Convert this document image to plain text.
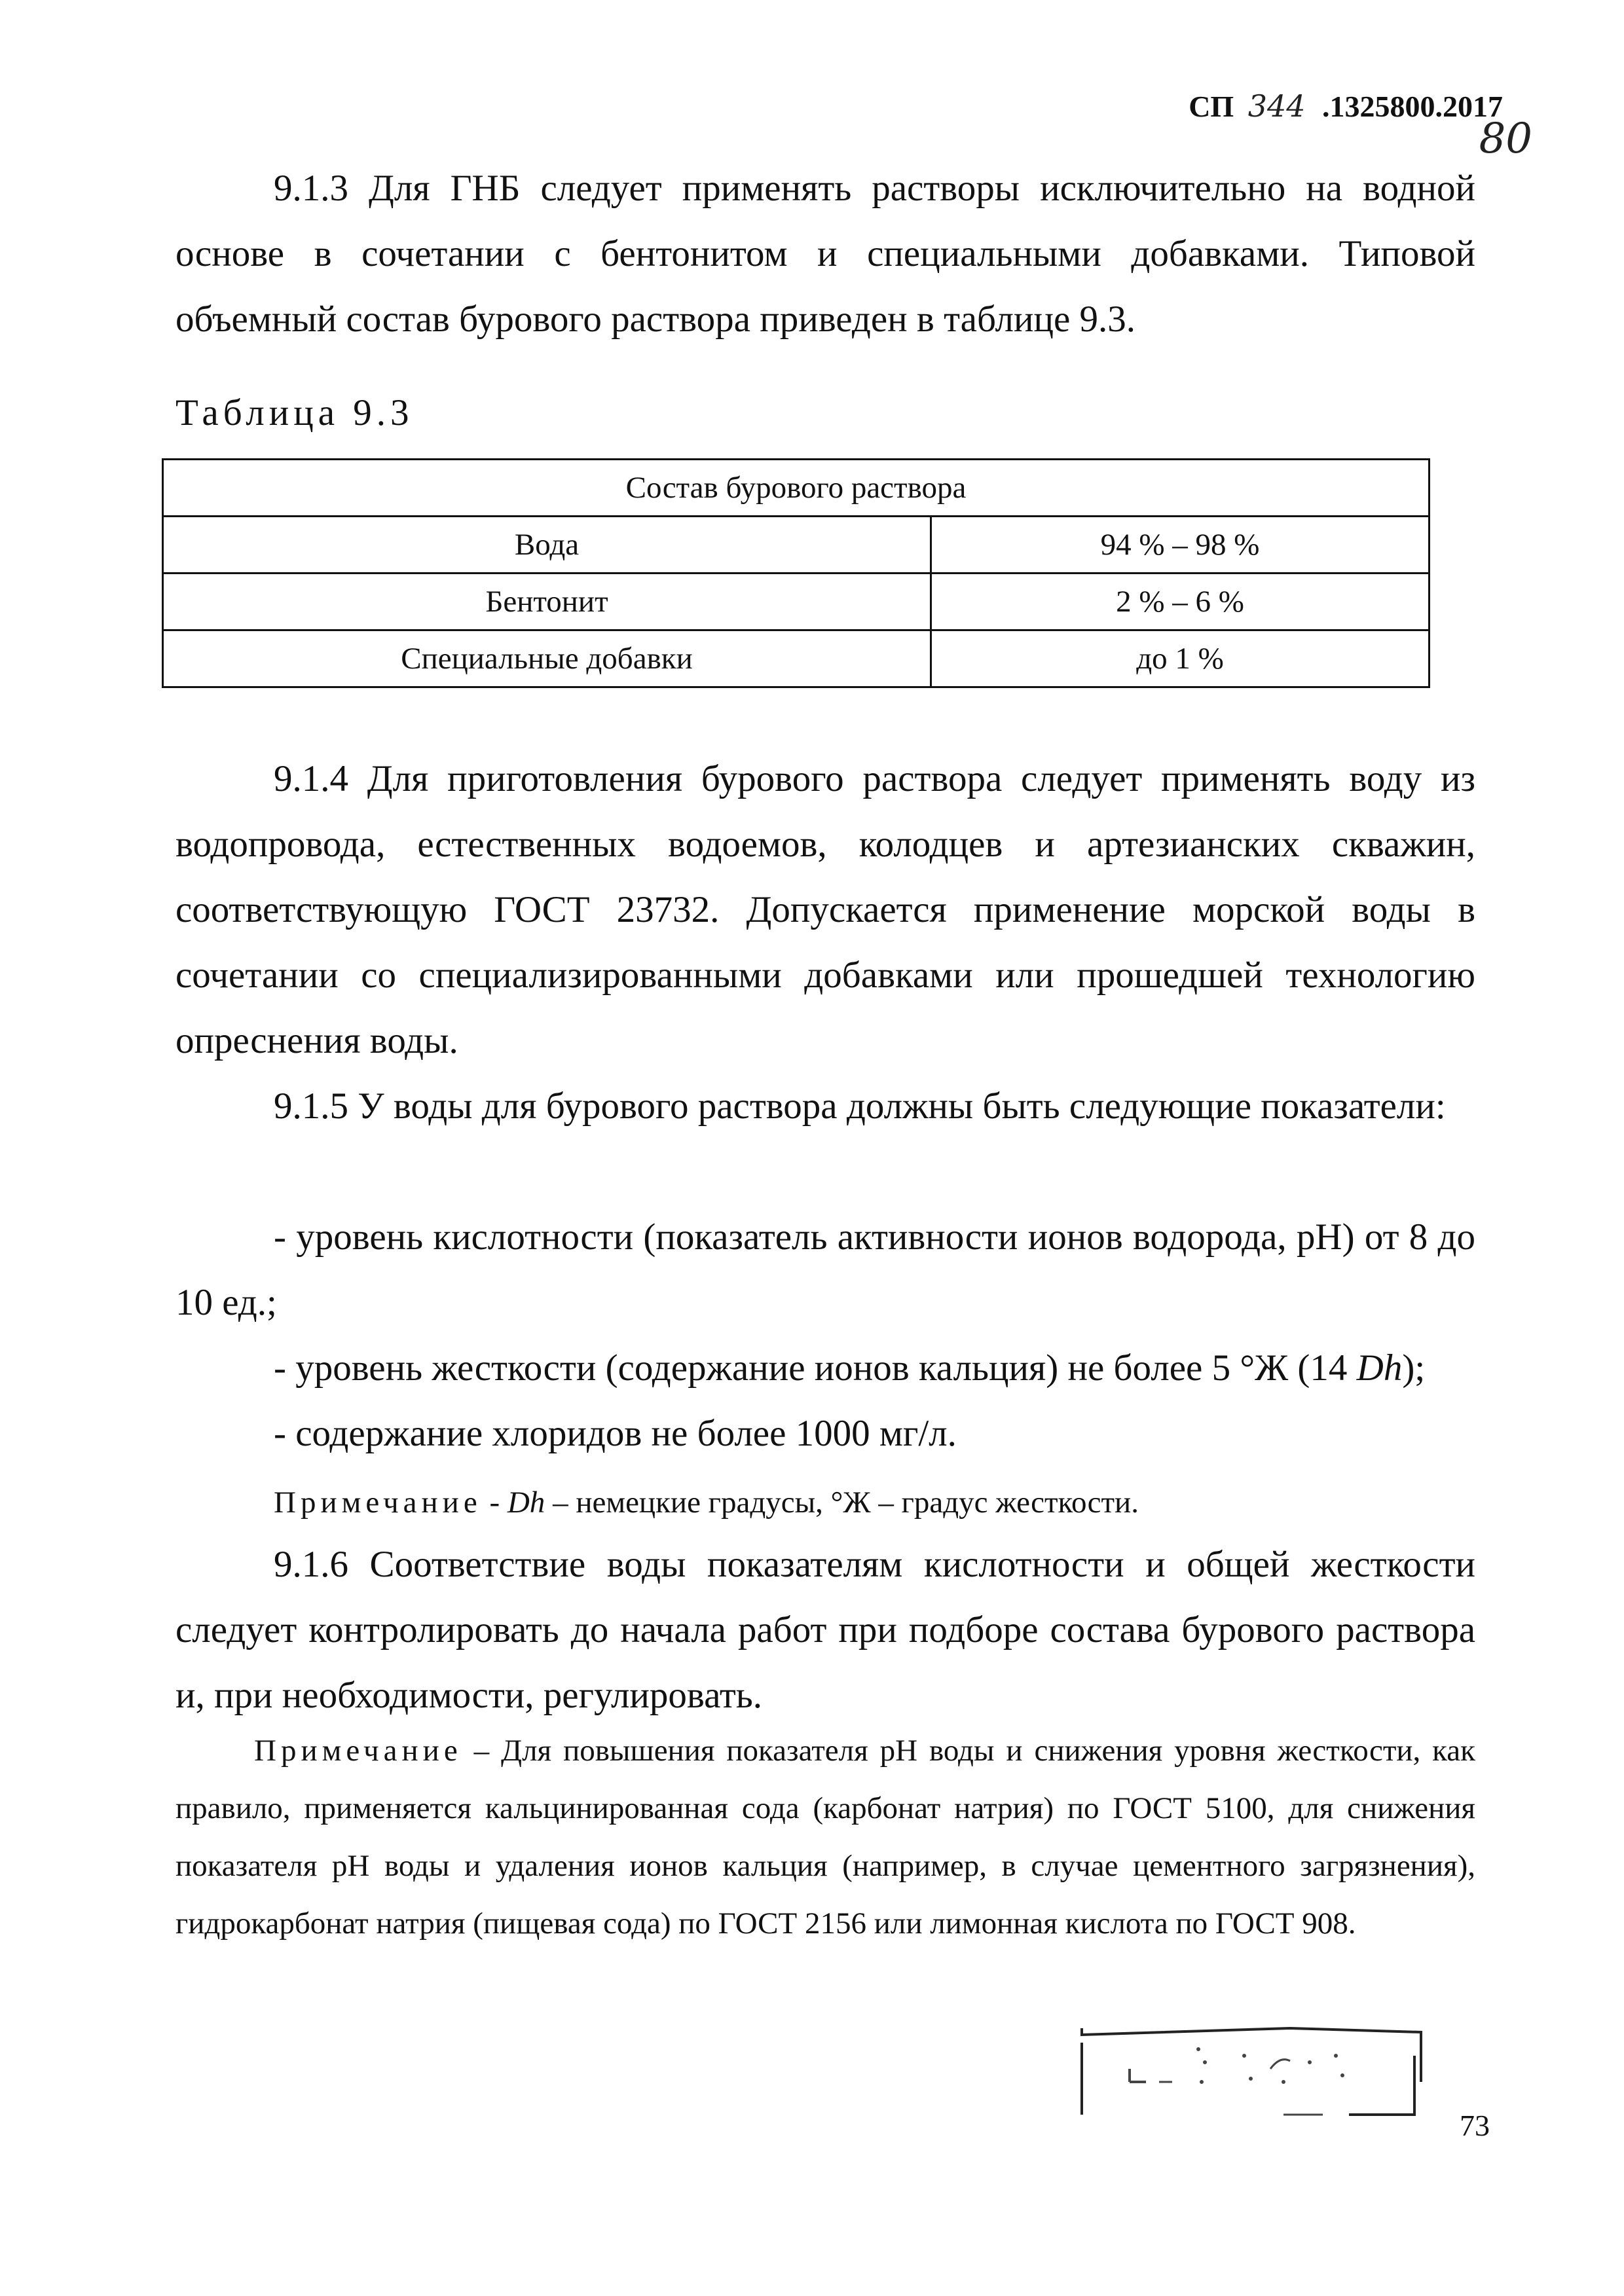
СП 344 .1325800.2017
80

9.1.3 Для ГНБ следует применять растворы исключительно на водной основе в сочетании с бентонитом и специальными добавками. Типовой объемный состав бурового раствора приведен в таблице 9.3.

Таблица 9.3
Состав бурового раствора	
Вода	94 % – 98 %
Бентонит	2 % – 6 %
Специальные добавки	до 1 %

9.1.4 Для приготовления бурового раствора следует применять воду из водопровода, естественных водоемов, колодцев и артезианских скважин, соответствующую ГОСТ 23732. Допускается применение морской воды в сочетании со специализированными добавками или прошедшей технологию опреснения воды.

9.1.5 У воды для бурового раствора должны быть следующие показатели:

- уровень кислотности (показатель активности ионов водорода, pH) от 8 до 10 ед.;

- уровень жесткости (содержание ионов кальция) не более 5 °Ж (14 Dh);

- содержание хлоридов не более 1000 мг/л.

Примечание - Dh – немецкие градусы, °Ж – градус жесткости.

9.1.6 Соответствие воды показателям кислотности и общей жесткости следует контролировать до начала работ при подборе состава бурового раствора и, при необходимости, регулировать.

Примечание – Для повышения показателя pH воды и снижения уровня жесткости, как правило, применяется кальцинированная сода (карбонат натрия) по ГОСТ 5100, для снижения показателя pH воды и удаления ионов кальция (например, в случае цементного загрязнения), гидрокарбонат натрия (пищевая сода) по ГОСТ 2156 или лимонная кислота по ГОСТ 908.

73
